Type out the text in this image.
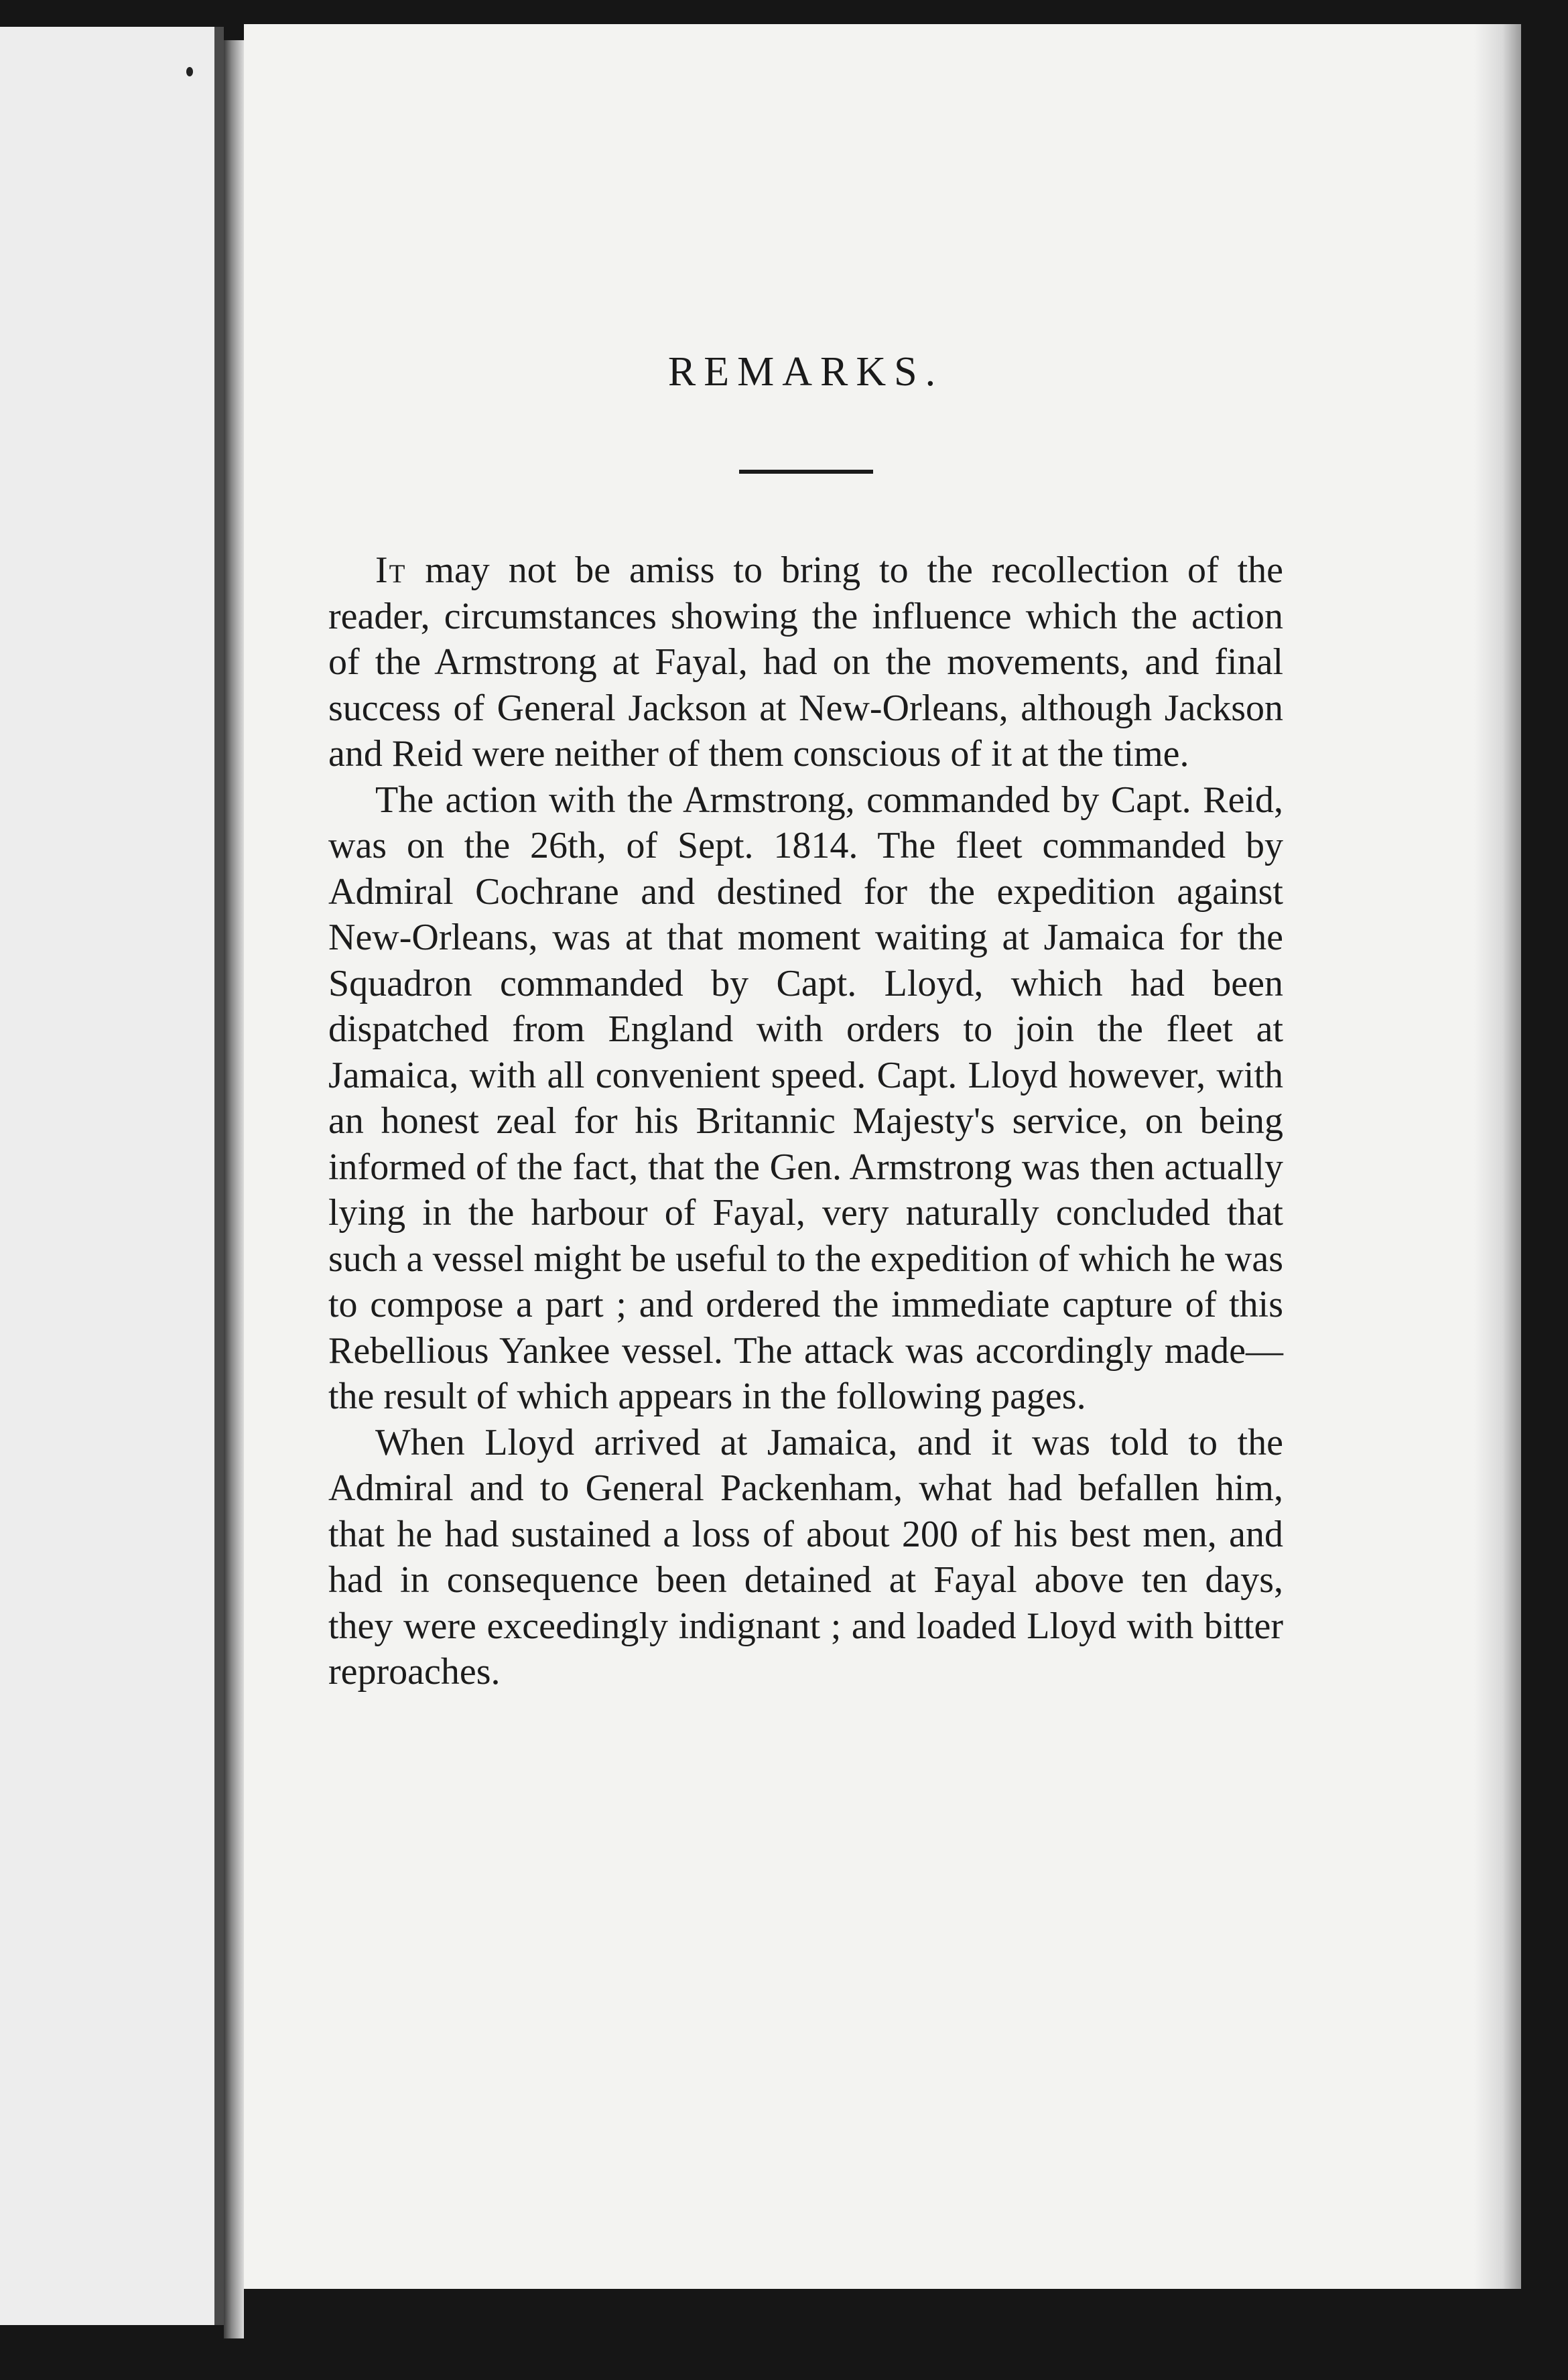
REMARKS.

It may not be amiss to bring to the recollection of the reader, circumstances showing the influence which the action of the Armstrong at Fayal, had on the movements, and final success of General Jackson at New-Orleans, although Jackson and Reid were neither of them conscious of it at the time.

The action with the Armstrong, commanded by Capt. Reid, was on the 26th, of Sept. 1814. The fleet commanded by Admiral Cochrane and destined for the expedition against New-Orleans, was at that moment waiting at Jamaica for the Squadron commanded by Capt. Lloyd, which had been dispatched from England with orders to join the fleet at Jamaica, with all convenient speed. Capt. Lloyd however, with an honest zeal for his Britannic Majesty's service, on being informed of the fact, that the Gen. Armstrong was then actually lying in the harbour of Fayal, very naturally concluded that such a vessel might be useful to the expedition of which he was to compose a part ; and ordered the immediate capture of this Rebellious Yankee vessel. The attack was accordingly made—the result of which appears in the following pages.

When Lloyd arrived at Jamaica, and it was told to the Admiral and to General Packenham, what had befallen him, that he had sustained a loss of about 200 of his best men, and had in consequence been detained at Fayal above ten days, they were exceedingly indignant ; and loaded Lloyd with bitter reproaches.
